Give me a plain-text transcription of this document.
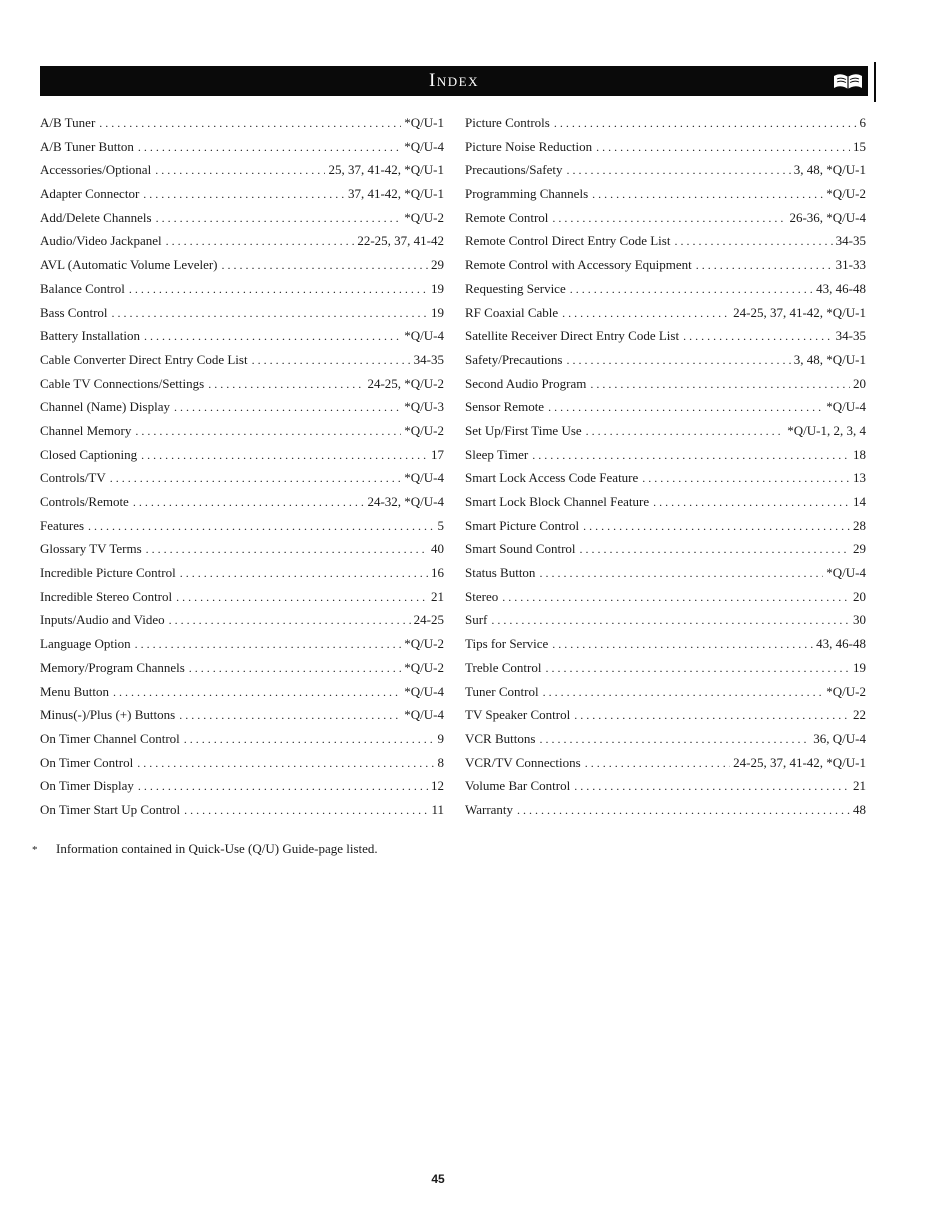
Index
A/B Tuner . . .	*Q/U-1
A/B Tuner Button . . .	*Q/U-4
Accessories/Optional . . .	25, 37, 41-42, *Q/U-1
Adapter Connector . . .	37, 41-42, *Q/U-1
Add/Delete Channels . . .	*Q/U-2
Audio/Video Jackpanel . . .	22-25, 37, 41-42
AVL (Automatic Volume Leveler) . . .	29
Balance Control . . .	19
Bass Control . . .	19
Battery Installation . . .	*Q/U-4
Cable Converter Direct Entry Code List . . .	34-35
Cable TV Connections/Settings . . .	24-25, *Q/U-2
Channel (Name) Display . . .	*Q/U-3
Channel Memory . . .	*Q/U-2
Closed Captioning . . .	17
Controls/TV . . .	*Q/U-4
Controls/Remote . . .	24-32, *Q/U-4
Features . . .	5
Glossary TV Terms . . .	40
Incredible Picture Control . . .	16
Incredible Stereo Control . . .	21
Inputs/Audio and Video . . .	24-25
Language Option . . .	*Q/U-2
Memory/Program Channels . . .	*Q/U-2
Menu Button . . .	*Q/U-4
Minus(-)/Plus (+) Buttons . . .	*Q/U-4
On Timer Channel Control . . .	9
On Timer Control . . .	8
On Timer Display . . .	12
On Timer Start Up Control . . .	11
Picture Controls . . .	6
Picture Noise Reduction . . .	15
Precautions/Safety . . .	3, 48, *Q/U-1
Programming Channels . . .	*Q/U-2
Remote Control . . .	26-36, *Q/U-4
Remote Control Direct Entry Code List . . .	34-35
Remote Control with Accessory Equipment . . .	31-33
Requesting Service . . .	43, 46-48
RF Coaxial Cable . . .	24-25, 37, 41-42, *Q/U-1
Satellite Receiver Direct Entry Code List . . .	34-35
Safety/Precautions . . .	3, 48, *Q/U-1
Second Audio Program . . .	20
Sensor Remote . . .	*Q/U-4
Set Up/First Time Use . . .	*Q/U-1, 2, 3, 4
Sleep Timer . . .	18
Smart Lock Access Code Feature . . .	13
Smart Lock Block Channel Feature . . .	14
Smart Picture Control . . .	28
Smart Sound Control . . .	29
Status Button . . .	*Q/U-4
Stereo . . .	20
Surf . . .	30
Tips for Service . . .	43, 46-48
Treble Control . . .	19
Tuner Control . . .	*Q/U-2
TV Speaker Control . . .	22
VCR Buttons . . .	36, Q/U-4
VCR/TV Connections . . .	24-25, 37, 41-42, *Q/U-1
Volume Bar Control . . .	21
Warranty . . .	48
*	Information contained in Quick-Use (Q/U) Guide-page listed.
45
